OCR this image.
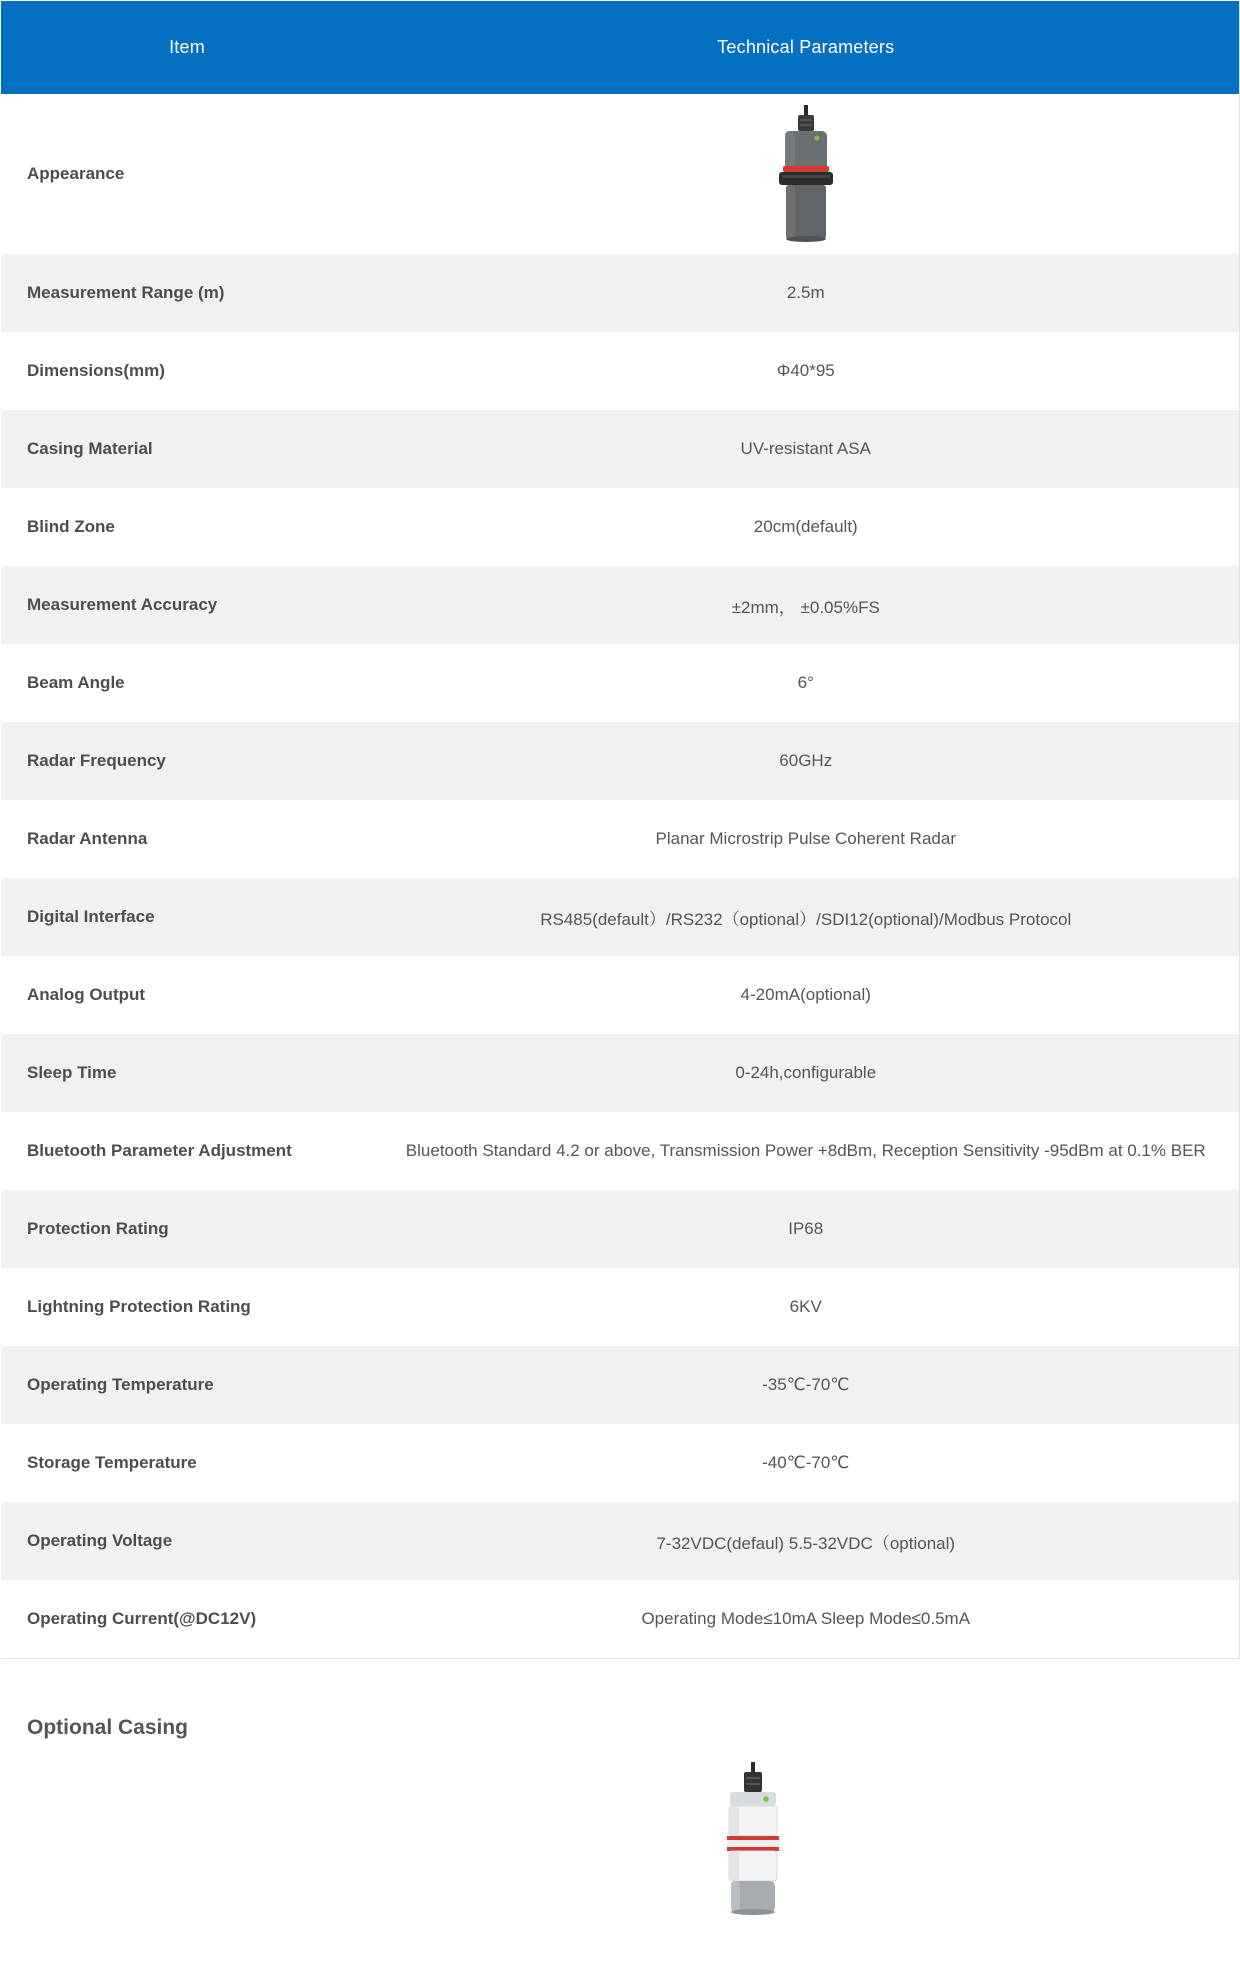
Item	Technical Parameters
Appearance	

Measurement Range (m)	2.5m
Dimensions(mm)	Φ40*95
Casing Material	UV-resistant ASA
Blind Zone	20cm(default)
Measurement Accuracy	±2mm， ±0.05%FS
Beam Angle	6°
Radar Frequency	60GHz
Radar Antenna	Planar Microstrip Pulse Coherent Radar
Digital Interface	RS485(default）/RS232（optional）/SDI12(optional)/Modbus Protocol
Analog Output	4-20mA(optional)
Sleep Time	0-24h,configurable
Bluetooth Parameter Adjustment	Bluetooth Standard 4.2 or above, Transmission Power +8dBm, Reception Sensitivity -95dBm at 0.1% BER
Protection Rating	IP68
Lightning Protection Rating	6KV
Operating Temperature	-35℃-70℃
Storage Temperature	-40℃-70℃
Operating Voltage	7-32VDC(defaul) 5.5-32VDC（optional)
Operating Current(@DC12V)	Operating Mode≤10mA Sleep Mode≤0.5mA
Optional Casing
